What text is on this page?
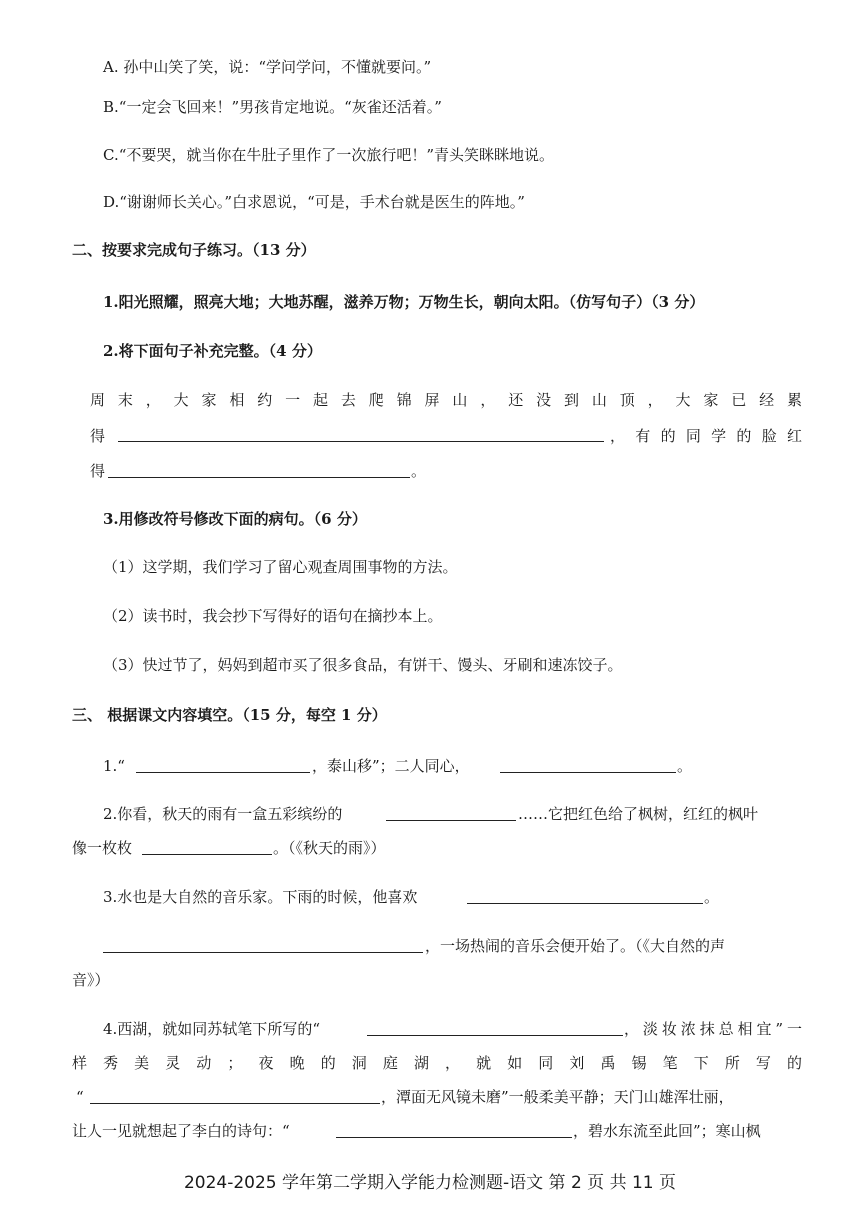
A. 孙中山笑了笑，说：“学问学问，不懂就要问。”
B.“一定会飞回来！”男孩肯定地说。“灰雀还活着。”
C.“不要哭，就当你在牛肚子里作了一次旅行吧！”青头笑眯眯地说。
D.“谢谢师长关心。”白求恩说，“可是，手术台就是医生的阵地。”
二、按要求完成句子练习。（13 分）
1.阳光照耀，照亮大地；大地苏醒，滋养万物；万物生长，朝向太阳。（仿写句子）（3 分）
2.将下面句子补充完整。（4 分）
周末，大家相约一起去爬锦屏山，还没到山顶，大家已经累
得	，有的同学的脸红
得	。
3.用修改符号修改下面的病句。（6 分）
（1）这学期，我们学习了留心观查周围事物的方法。
（2）读书时，我会抄下写得好的语句在摘抄本上。
（3）快过节了，妈妈到超市买了很多食品，有饼干、馒头、牙刷和速冻饺子。
三、 根据课文内容填空。（15 分，每空 1 分）
1.“	，泰山移”；二人同心，	。
2.你看，秋天的雨有一盒五彩缤纷的	……它把红色给了枫树，红红的枫叶
像一枚枚	。（《秋天的雨》）
3.水也是大自然的音乐家。下雨的时候，他喜欢	。
，一场热闹的音乐会便开始了。（《大自然的声
音》）
4.西湖，就如同苏轼笔下所写的“	，淡妆浓抹总相宜”一
样秀美灵动；夜晚的洞庭湖，就如同刘禹锡笔下所写的
“	，潭面无风镜未磨”一般柔美平静；天门山雄浑壮丽，
让人一见就想起了李白的诗句：“	，碧水东流至此回”；寒山枫
2024-2025 学年第二学期入学能力检测题-语文 第 2 页 共 11 页
